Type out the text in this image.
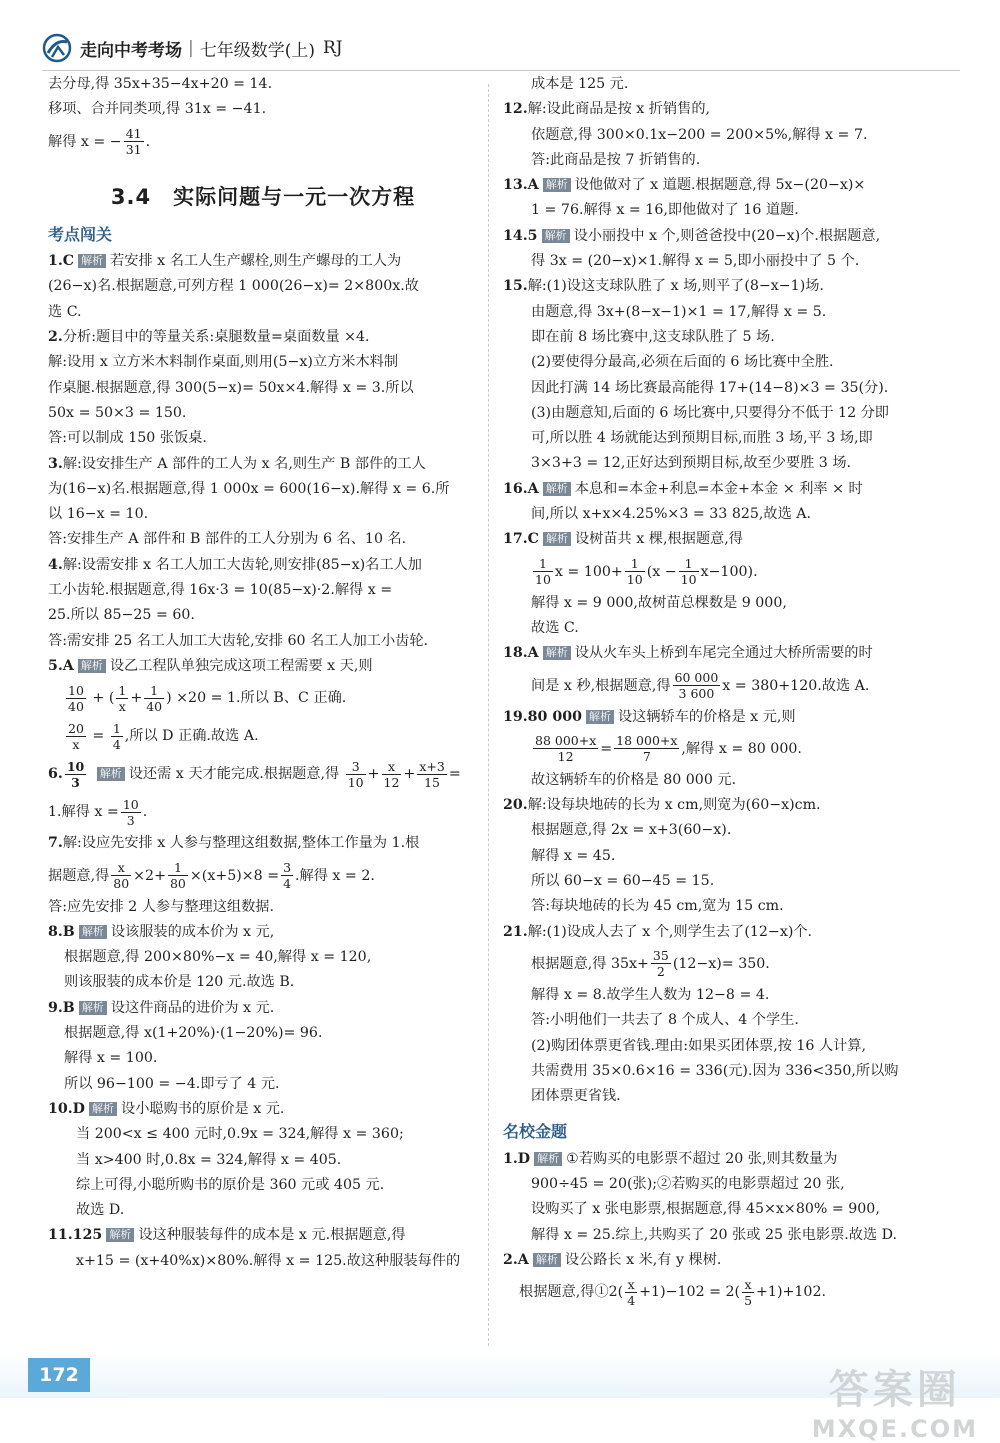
走向中考考场 | 七年级数学(上) RJ
去分母,得 35x+35−4x+20 = 14.
移项、合并同类项,得 31x = −41.
解得 x = − $\frac{41}{31}$ .
3.4　实际问题与一元一次方程
考点闯关
1.C 解析 若安排 x 名工人生产螺栓,则生产螺母的工人为
(26−x)名.根据题意,可列方程 1 000(26−x)= 2×800x.故
选 C.
2.分析:题目中的等量关系:桌腿数量=桌面数量 ×4.
解:设用 x 立方米木料制作桌面,则用(5−x)立方米木料制
作桌腿.根据题意,得 300(5−x)= 50x×4.解得 x = 3.所以
50x = 50×3 = 150.
答:可以制成 150 张饭桌.
3.解:设安排生产 A 部件的工人为 x 名,则生产 B 部件的工人
为(16−x)名.根据题意,得 1 000x = 600(16−x).解得 x = 6.所
以 16−x = 10.
答:安排生产 A 部件和 B 部件的工人分别为 6 名、10 名.
4.解:设需安排 x 名工人加工大齿轮,则安排(85−x)名工人加
工小齿轮.根据题意,得 16x·3 = 10(85−x)·2.解得 x =
25.所以 85−25 = 60.
答:需安排 25 名工人加工大齿轮,安排 60 名工人加工小齿轮.
5.A 解析 设乙工程队单独完成这项工程需要 x 天,则
$\frac{10}{40}$ + ( $\frac{1}{x} + \frac{1}{40}$ ) ×20 = 1.所以 B、C 正确.
$\frac{20}{x} = \frac{1}{4}$ ,所以 D 正确.故选 A.
6. $\frac{10}{3}$ 解析 设还需 x 天才能完成.根据题意,得 $\frac{3}{10} + \frac{x}{12} + \frac{x+3}{15}$ =
1.解得 $x = \frac{10}{3}$ .
7.解:设应先安排 x 人参与整理这组数据,整体工作量为 1.根
据题意,得 $\frac{x}{80} \times 2+ \frac{1}{80} \times(x+5)\times 8 = \frac{3}{4}$ .解得 x = 2.
答:应先安排 2 人参与整理这组数据.
8.B 解析 设该服装的成本价为 x 元,
根据题意,得 200×80%−x = 40,解得 x = 120,
则该服装的成本价是 120 元.故选 B.
9.B 解析 设这件商品的进价为 x 元.
根据题意,得 x(1+20%)·(1−20%)= 96.
解得 x = 100.
所以 96−100 = −4.即亏了 4 元.
10.D 解析 设小聪购书的原价是 x 元.
当 200<x ≤ 400 元时,0.9x = 324,解得 x = 360;
当 x>400 时,0.8x = 324,解得 x = 405.
综上可得,小聪所购书的原价是 360 元或 405 元.
故选 D.
11.125 解析 设这种服装每件的成本是 x 元.根据题意,得
x+15 = (x+40%x)×80%.解得 x = 125.故这种服装每件的
成本是 125 元.
12.解:设此商品是按 x 折销售的,
依题意,得 300×0.1x−200 = 200×5%,解得 x = 7.
答:此商品是按 7 折销售的.
13.A 解析 设他做对了 x 道题.根据题意,得 5x−(20−x)×
1 = 76.解得 x = 16,即他做对了 16 道题.
14.5 解析 设小丽投中 x 个,则爸爸投中(20−x)个.根据题意,
得 3x = (20−x)×1.解得 x = 5,即小丽投中了 5 个.
15.解:(1)设这支球队胜了 x 场,则平了(8−x−1)场.
由题意,得 3x+(8−x−1)×1 = 17,解得 x = 5.
即在前 8 场比赛中,这支球队胜了 5 场.
(2)要使得分最高,必须在后面的 6 场比赛中全胜.
因此打满 14 场比赛最高能得 17+(14−8)×3 = 35(分).
(3)由题意知,后面的 6 场比赛中,只要得分不低于 12 分即
可,所以胜 4 场就能达到预期目标,而胜 3 场,平 3 场,即
3×3+3 = 12,正好达到预期目标,故至少要胜 3 场.
16.A 解析 本息和=本金+利息=本金+本金 × 利率 × 时
间,所以 x+x×4.25%×3 = 33 825,故选 A.
17.C 解析 设树苗共 x 棵,根据题意,得
$\frac{1}{10}$ $x = 100+ \frac{1}{10} (x - \frac{1}{10} x-100)$.
解得 x = 9 000,故树苗总棵数是 9 000,
故选 C.
18.A 解析 设从火车头上桥到车尾完全通过大桥所需要的时
间是 x 秒,根据题意,得 $\frac{60 000}{3 600}$ x = 380+120.故选 A.
19.80 000 解析 设这辆轿车的价格是 x 元,则
$\frac{88 000+x}{12} = \frac{18 000+x}{7}$ ,解得 x = 80 000.
故这辆轿车的价格是 80 000 元.
20.解:设每块地砖的长为 x cm,则宽为(60−x)cm.
根据题意,得 2x = x+3(60−x).
解得 x = 45.
所以 60−x = 60−45 = 15.
答:每块地砖的长为 45 cm,宽为 15 cm.
21.解:(1)设成人去了 x 个,则学生去了(12−x)个.
根据题意,得 $35x+ \frac{35}{2} (12-x)= 350$.
解得 x = 8.故学生人数为 12−8 = 4.
答:小明他们一共去了 8 个成人、4 个学生.
(2)购团体票更省钱.理由:如果买团体票,按 16 人计算,
共需费用 35×0.6×16 = 336(元).因为 336<350,所以购
团体票更省钱.
名校金题
1.D 解析 ①若购买的电影票不超过 20 张,则其数量为
900÷45 = 20(张);②若购买的电影票超过 20 张,
设购买了 x 张电影票,根据题意,得 45×x×80% = 900,
解得 x = 25.综上,共购买了 20 张或 25 张电影票.故选 D.
2.A 解析 设公路长 x 米,有 y 棵树.
根据题意,得①2( $\frac{x}{4} +1)-102 = 2( \frac{x}{5} +1)+102$.
172	答案圈
MXQE.COM
